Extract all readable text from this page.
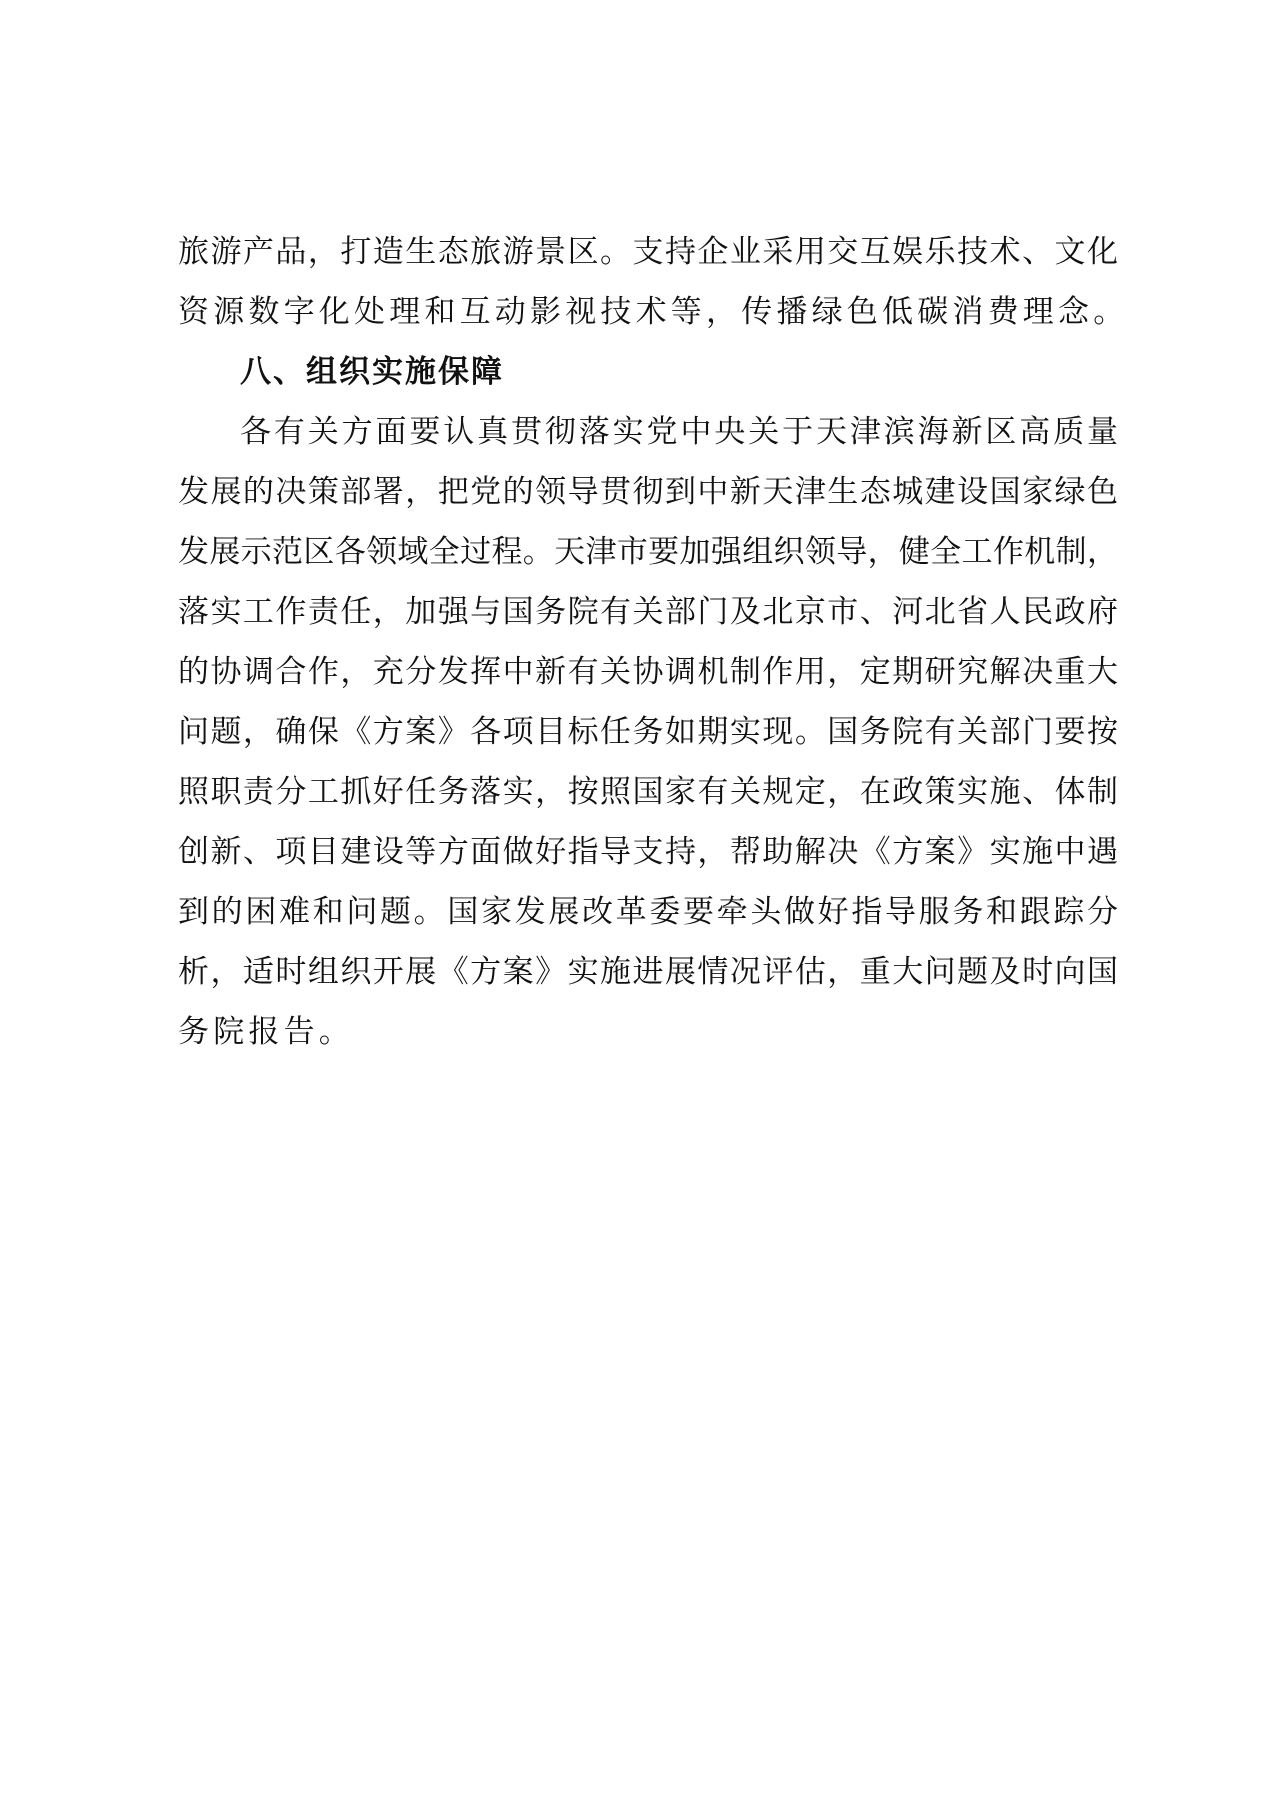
旅游产品，打造生态旅游景区。支持企业采用交互娱乐技术、文化
资源数字化处理和互动影视技术等，传播绿色低碳消费理念。
八、组织实施保障
各有关方面要认真贯彻落实党中央关于天津滨海新区高质量
发展的决策部署，把党的领导贯彻到中新天津生态城建设国家绿色
发展示范区各领域全过程。天津市要加强组织领导，健全工作机制，
落实工作责任，加强与国务院有关部门及北京市、河北省人民政府
的协调合作，充分发挥中新有关协调机制作用，定期研究解决重大
问题，确保《方案》各项目标任务如期实现。国务院有关部门要按
照职责分工抓好任务落实，按照国家有关规定，在政策实施、体制
创新、项目建设等方面做好指导支持，帮助解决《方案》实施中遇
到的困难和问题。国家发展改革委要牵头做好指导服务和跟踪分
析，适时组织开展《方案》实施进展情况评估，重大问题及时向国
务院报告。
